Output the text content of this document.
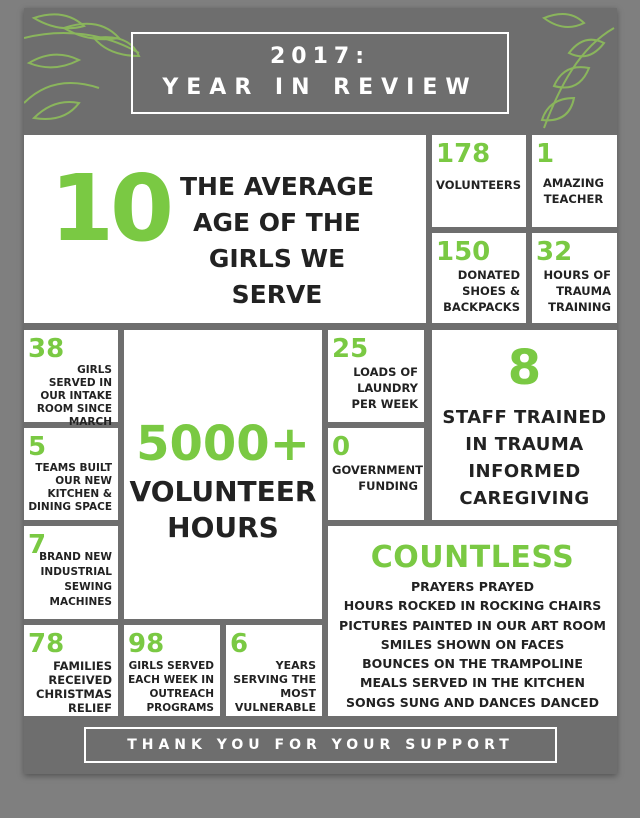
2017:
YEAR IN REVIEW
10 THE AVERAGE AGE OF THE GIRLS WE SERVE
178
VOLUNTEERS
1
AMAZING TEACHER
150
DONATED SHOES & BACKPACKS
32
HOURS OF TRAUMA TRAINING
38
GIRLS SERVED IN OUR INTAKE ROOM SINCE MARCH
5
TEAMS BUILT OUR NEW KITCHEN & DINING SPACE
7
BRAND NEW INDUSTRIAL SEWING MACHINES
5000+
VOLUNTEER HOURS
25
LOADS OF LAUNDRY PER WEEK
0
GOVERNMENT FUNDING
8
STAFF TRAINED IN TRAUMA INFORMED CAREGIVING
COUNTLESS
PRAYERS PRAYED
HOURS ROCKED IN ROCKING CHAIRS
PICTURES PAINTED IN OUR ART ROOM
SMILES SHOWN ON FACES
BOUNCES ON THE TRAMPOLINE
MEALS SERVED IN THE KITCHEN
SONGS SUNG AND DANCES DANCED
78
FAMILIES RECEIVED CHRISTMAS RELIEF
98
GIRLS SERVED EACH WEEK IN OUTREACH PROGRAMS
6
YEARS SERVING THE MOST VULNERABLE
THANK YOU FOR YOUR SUPPORT
